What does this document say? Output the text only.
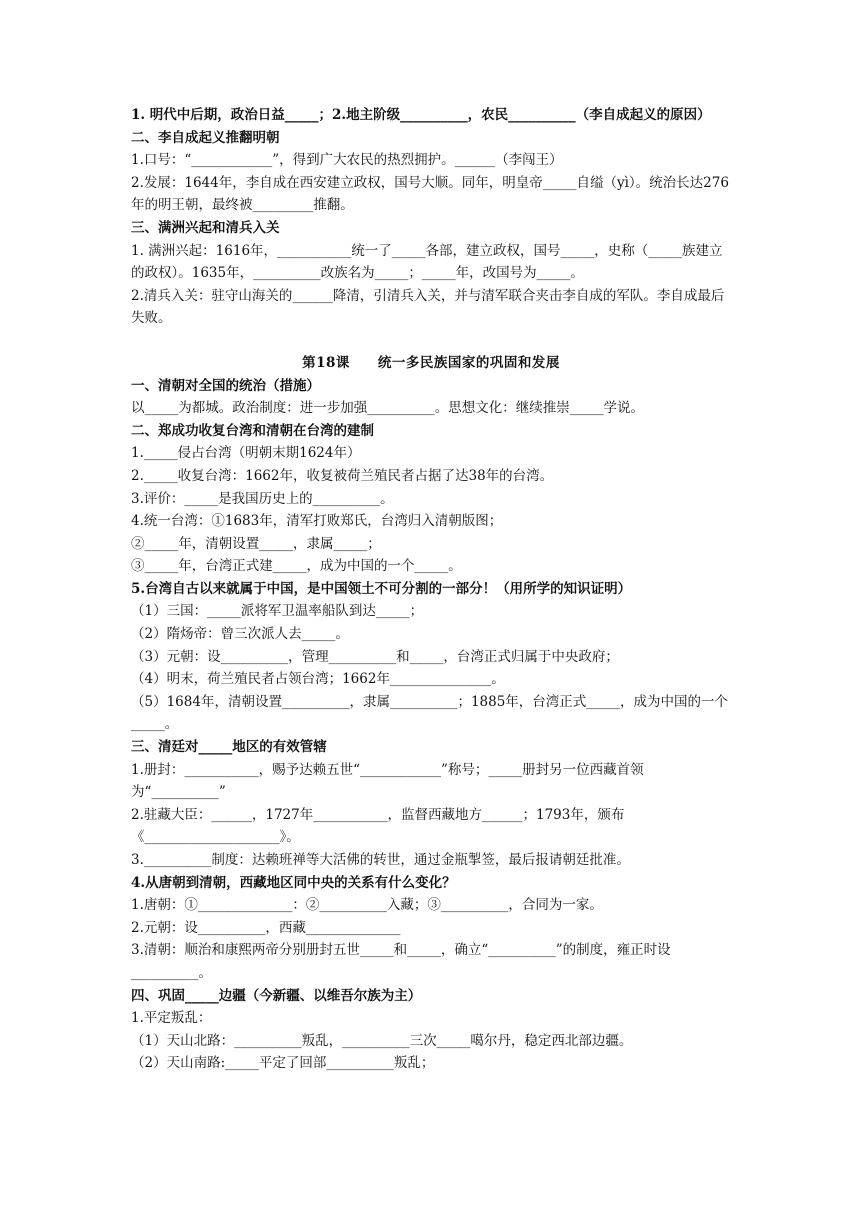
1. 明代中后期，政治日益_____；2.地主阶级__________，农民__________（李自成起义的原因）
二、李自成起义推翻明朝
1.口号：“____________”，得到广大农民的热烈拥护。______（李闯王）
2.发展：1644年，李自成在西安建立政权，国号大顺。同年，明皇帝_____自缢（yì）。统治长达276年的明王朝，最终被_________推翻。
三、满洲兴起和清兵入关
1. 满洲兴起：1616年，___________统一了_____各部，建立政权，国号_____，史称（_____族建立的政权）。1635年，__________改族名为_____；_____年，改国号为_____。
2.清兵入关：驻守山海关的______降清，引清兵入关，并与清军联合夹击李自成的军队。李自成最后失败。
第18课　　统一多民族国家的巩固和发展
一、清朝对全国的统治（措施）
以_____为都城。政治制度：进一步加强__________。思想文化：继续推崇_____学说。
二、郑成功收复台湾和清朝在台湾的建制
1._____侵占台湾（明朝末期1624年）
2._____收复台湾：1662年，收复被荷兰殖民者占据了达38年的台湾。
3.评价：_____是我国历史上的__________。
4.统一台湾：①1683年，清军打败郑氏，台湾归入清朝版图；
②_____年，清朝设置_____，隶属_____；
③_____年，台湾正式建_____，成为中国的一个_____。
5.台湾自古以来就属于中国，是中国领土不可分割的一部分！（用所学的知识证明）
（1）三国：_____派将军卫温率船队到达_____；
（2）隋炀帝：曾三次派人去_____。
（3）元朝：设__________，管理__________和_____，台湾正式归属于中央政府；
（4）明末，荷兰殖民者占领台湾；1662年_______________。
（5）1684年，清朝设置__________，隶属__________；1885年，台湾正式_____，成为中国的一个_____。
三、清廷对_____地区的有效管辖
1.册封：___________，赐予达赖五世“____________”称号；_____册封另一位西藏首领为“__________”
2.驻藏大臣：______，1727年___________，监督西藏地方______；1793年，颁布《____________________》。
3.__________制度：达赖班禅等大活佛的转世，通过金瓶掣签，最后报请朝廷批准。
4.从唐朝到清朝，西藏地区同中央的关系有什么变化？
1.唐朝：①______________：②__________入藏；③__________，合同为一家。
2.元朝：设__________，西藏______________
3.清朝：顺治和康熙两帝分别册封五世_____和_____，确立“__________”的制度，雍正时设__________。
四、巩固_____边疆（今新疆、以维吾尔族为主）
1.平定叛乱：
（1）天山北路：__________叛乱，__________三次_____噶尔丹，稳定西北部边疆。
（2）天山南路:_____平定了回部__________叛乱；
